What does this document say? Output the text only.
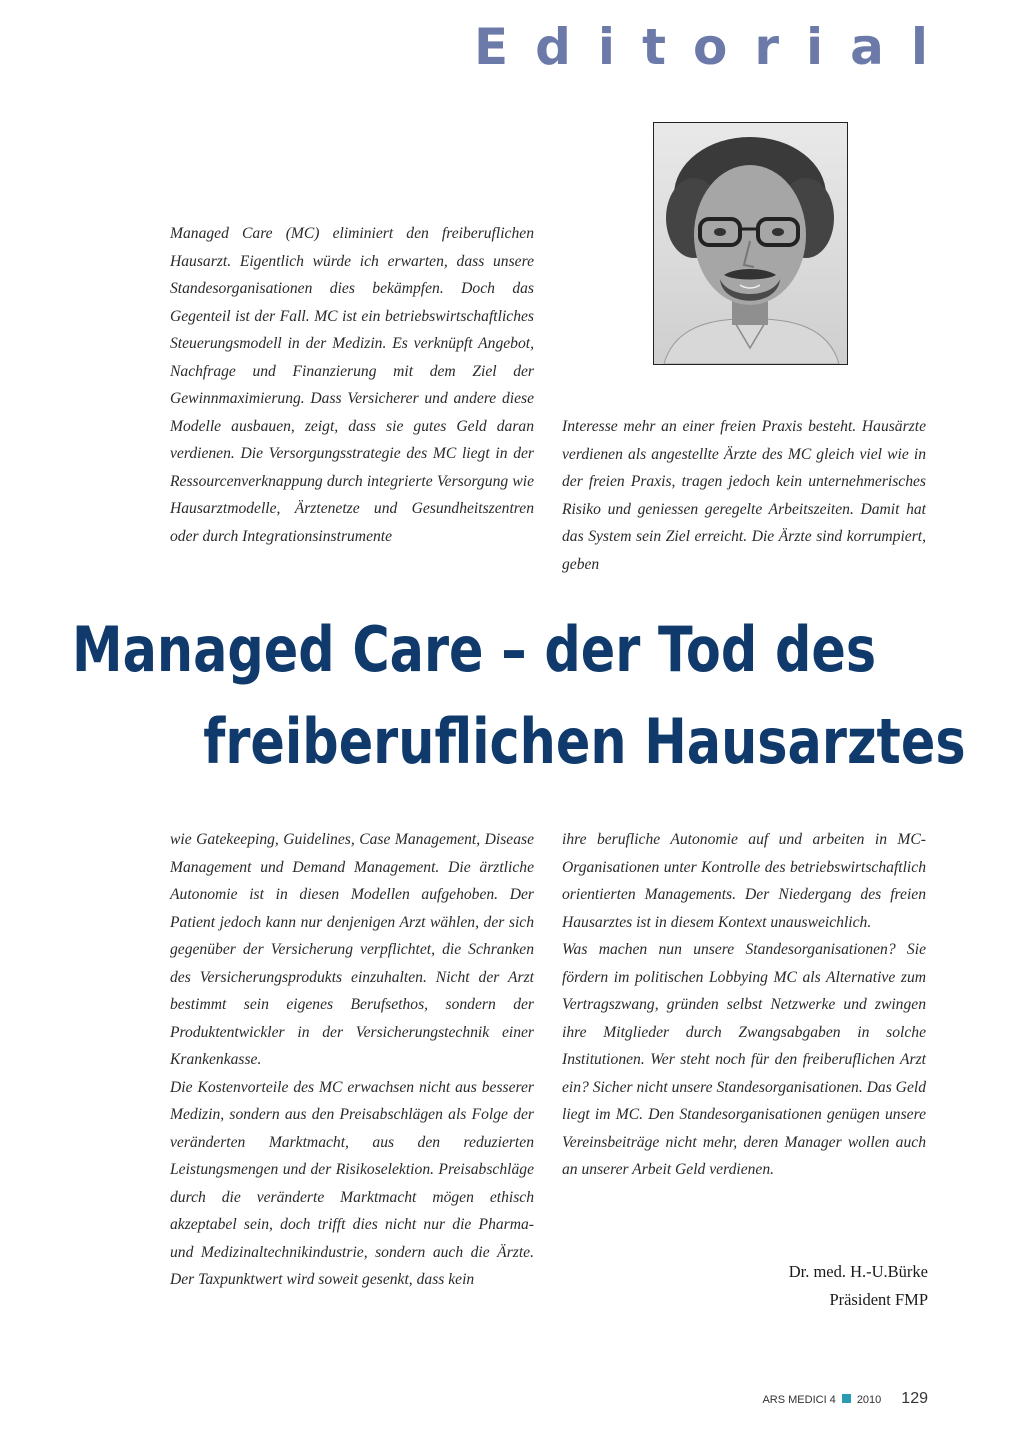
Editorial

Managed Care (MC) eliminiert den freiberuflichen Hausarzt. Eigentlich würde ich erwarten, dass unsere Standesorganisationen dies bekämpfen. Doch das Gegenteil ist der Fall. MC ist ein betriebswirtschaftliches Steuerungsmodell in der Medizin. Es verknüpft Angebot, Nachfrage und Finanzierung mit dem Ziel der Gewinnmaximierung. Dass Versicherer und andere diese Modelle ausbauen, zeigt, dass sie gutes Geld daran verdienen. Die Versorgungsstrategie des MC liegt in der Ressourcenverknappung durch integrierte Versorgung wie Hausarztmodelle, Ärztenetze und Gesundheitszentren oder durch Integrationsinstrumente

Interesse mehr an einer freien Praxis besteht. Hausärzte verdienen als angestellte Ärzte des MC gleich viel wie in der freien Praxis, tragen jedoch kein unternehmerisches Risiko und geniessen geregelte Arbeitszeiten. Damit hat das System sein Ziel erreicht. Die Ärzte sind korrumpiert, geben

Managed Care – der Tod des
freiberuflichen Hausarztes

wie Gatekeeping, Guidelines, Case Management, Disease Management und Demand Management. Die ärztliche Autonomie ist in diesen Modellen aufgehoben. Der Patient jedoch kann nur denjenigen Arzt wählen, der sich gegenüber der Versicherung verpflichtet, die Schranken des Versicherungsprodukts einzuhalten. Nicht der Arzt bestimmt sein eigenes Berufsethos, sondern der Produktentwickler in der Versicherungstechnik einer Krankenkasse.

Die Kostenvorteile des MC erwachsen nicht aus besserer Medizin, sondern aus den Preisabschlägen als Folge der veränderten Marktmacht, aus den reduzierten Leistungsmengen und der Risikoselektion. Preisabschläge durch die veränderte Marktmacht mögen ethisch akzeptabel sein, doch trifft dies nicht nur die Pharma- und Medizinaltechnikindustrie, sondern auch die Ärzte. Der Taxpunktwert wird soweit gesenkt, dass kein

ihre berufliche Autonomie auf und arbeiten in MC-Organisationen unter Kontrolle des betriebswirtschaftlich orientierten Managements. Der Niedergang des freien Hausarztes ist in diesem Kontext unausweichlich.

Was machen nun unsere Standesorganisationen? Sie fördern im politischen Lobbying MC als Alternative zum Vertragszwang, gründen selbst Netzwerke und zwingen ihre Mitglieder durch Zwangsabgaben in solche Institutionen. Wer steht noch für den freiberuflichen Arzt ein? Sicher nicht unsere Standesorganisationen. Das Geld liegt im MC. Den Standesorganisationen genügen unsere Vereinsbeiträge nicht mehr, deren Manager wollen auch an unserer Arbeit Geld verdienen.

Dr. med. H.-U.Bürke
Präsident FMP
ARS MEDICI 4 2010 129
